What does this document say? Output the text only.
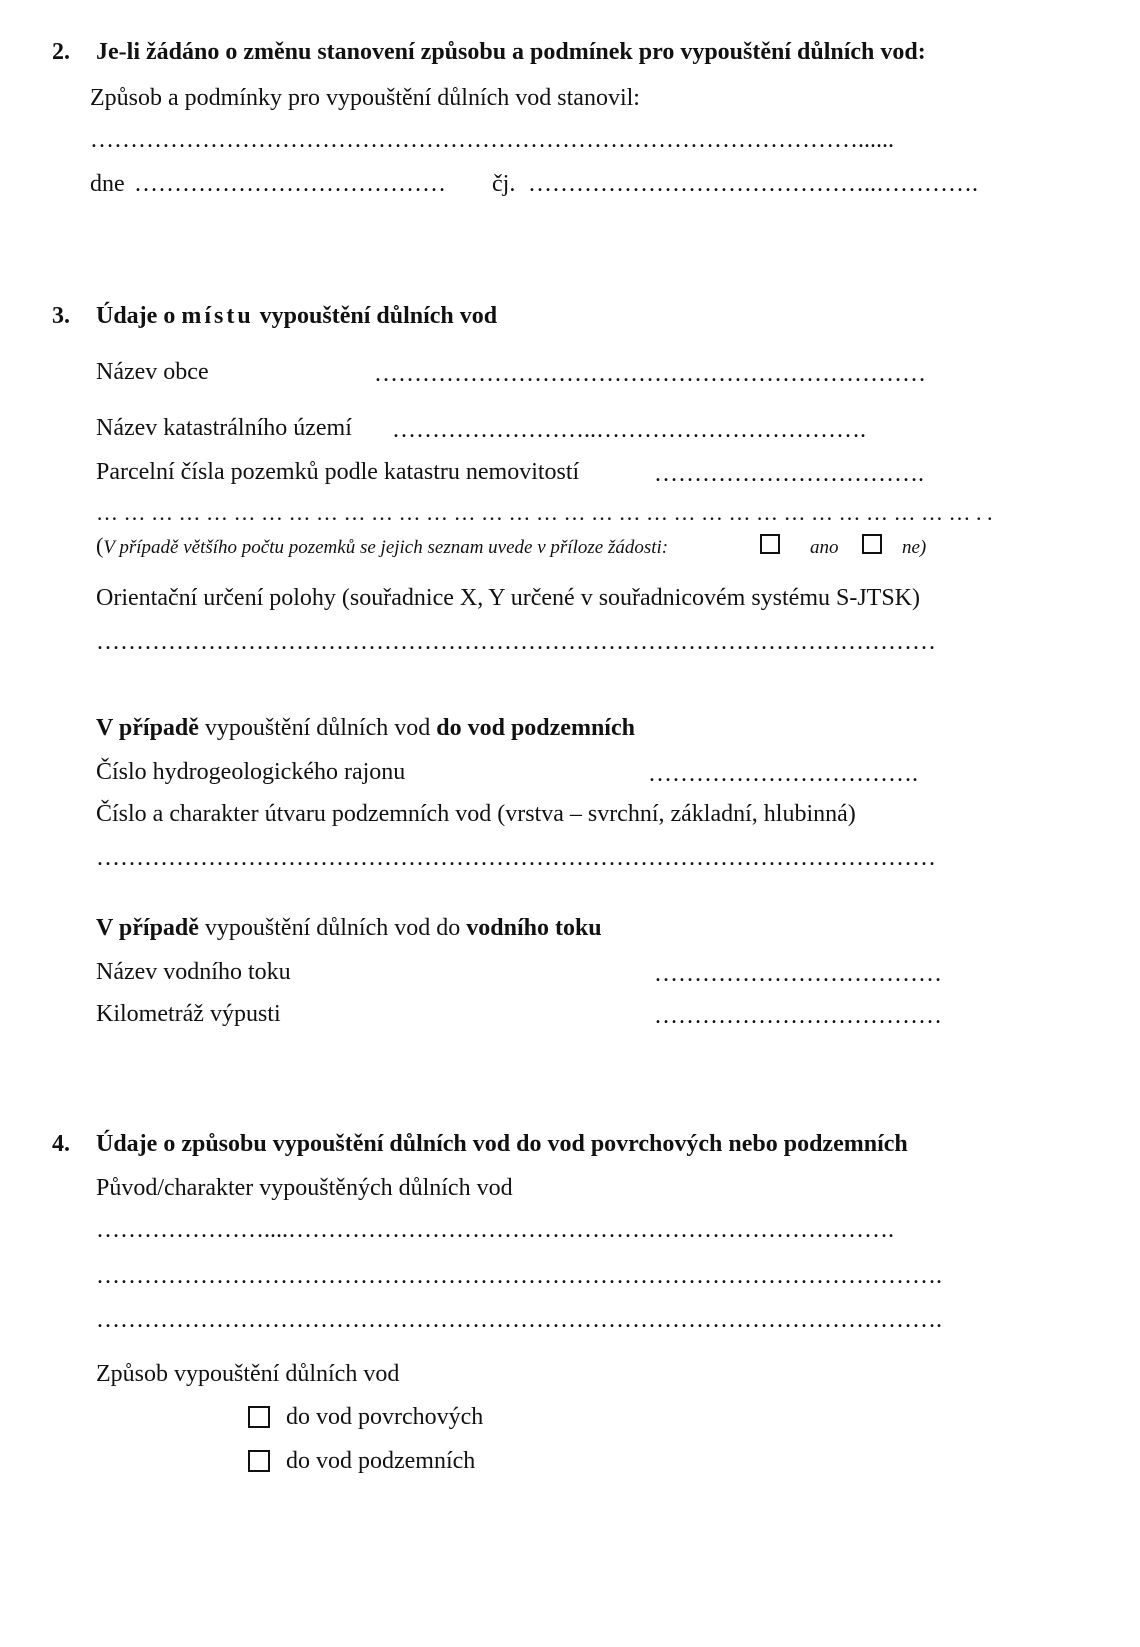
2. Je-li žádáno o změnu stanovení způsobu a podmínek pro vypouštění důlních vod:
Způsob a podmínky pro vypouštění důlních vod stanovil:
……………………………………………………………………………………......
dne …………………………………	čj. ……………………………………..………….
3. Údaje o místu vypouštění důlních vod
Název obce	……………………………………………………………
Název katastrálního území ……………………..…………………………….
Parcelní čísla pozemků podle katastru nemovitostí	…………………………….
… … … … … … … … … … … … … … … … … … … … … … … … … … … … … … … … . .
(V případě většího počtu pozemků se jejich seznam uvede v příloze žádosti:	ano	ne)
Orientační určení polohy (souřadnice X, Y určené v souřadnicovém systému S-JTSK)
……………………………………………………………………………………………
V případě vypouštění důlních vod do vod podzemních
Číslo hydrogeologického rajonu	…………………………….
Číslo a charakter útvaru podzemních vod (vrstva – svrchní, základní, hlubinná)
……………………………………………………………………………………………
V případě vypouštění důlních vod do vodního toku
Název vodního toku	………………………………
Kilometráž výpusti	………………………………
4. Údaje o způsobu vypouštění důlních vod do vod povrchových nebo podzemních
Původ/charakter vypouštěných důlních vod
…………………....………………………………………………………………….
…………………………………………………………………………………………….
…………………………………………………………………………………………….
Způsob vypouštění důlních vod
do vod povrchových
do vod podzemních
